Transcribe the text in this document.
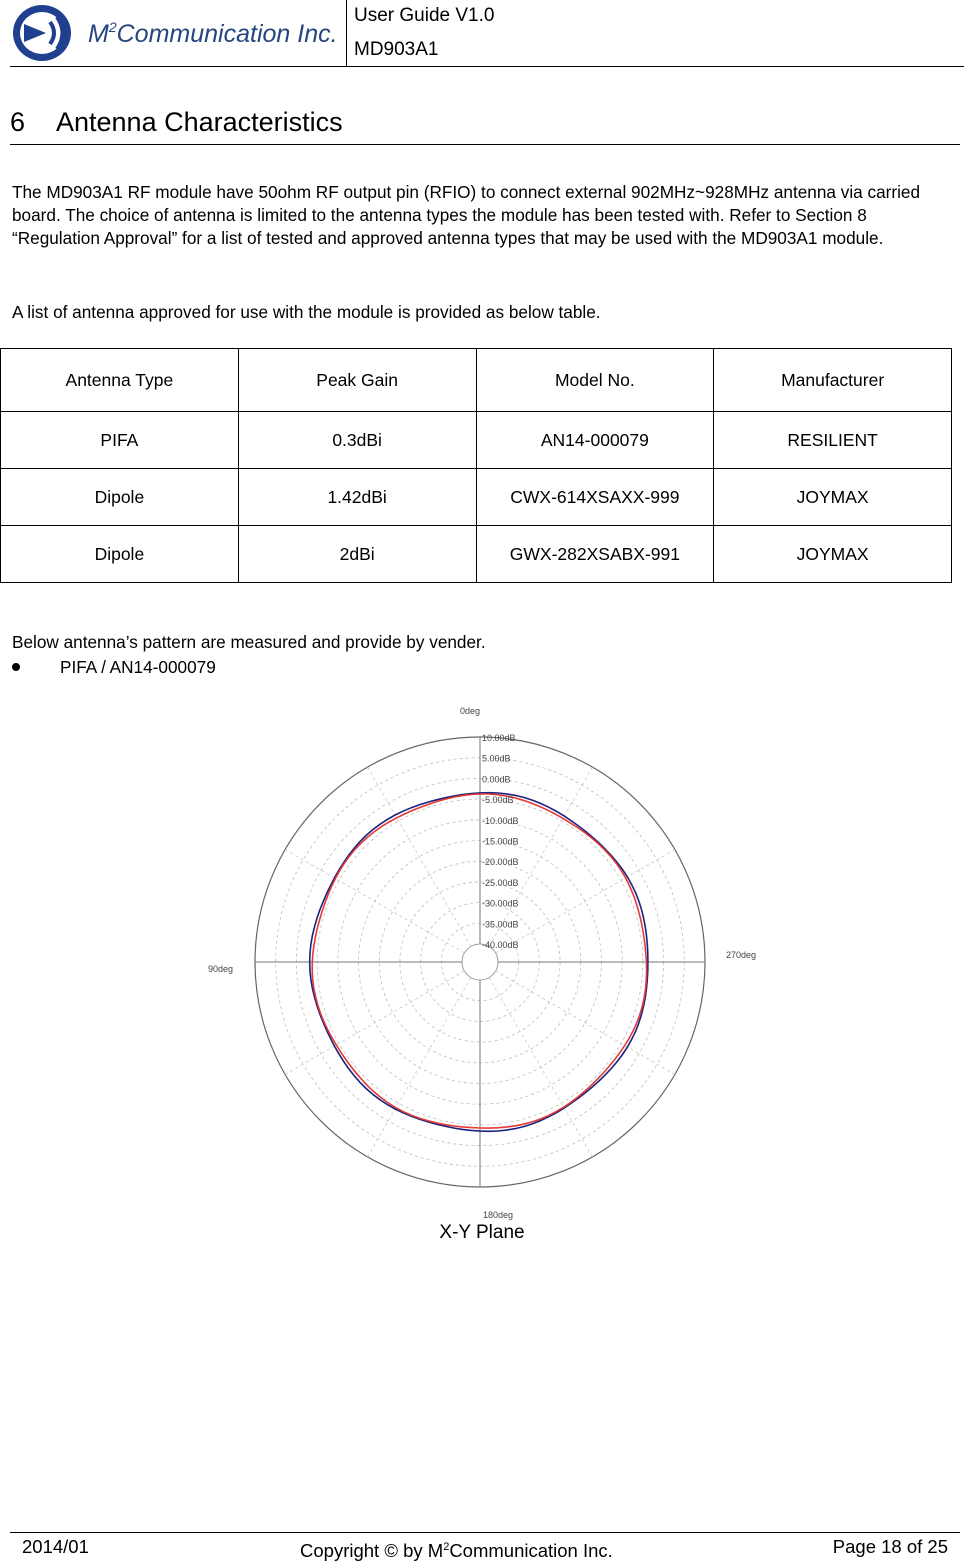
$M^2Communication$ Inc.
User Guide V1.0
MD903A1
6 Antenna Characteristics
The MD903A1 RF module have 50ohm RF output pin (RFIO) to connect external 902MHz~928MHz antenna via carried board. The choice of antenna is limited to the antenna types the module has been tested with. Refer to Section 8 “Regulation Approval” for a list of tested and approved antenna types that may be used with the MD903A1 module.
A list of antenna approved for use with the module is provided as below table.
Antenna Type	Peak Gain	Model No.	Manufacturer
PIFA	0.3dBi	AN14-000079	RESILIENT
Dipole	1.42dBi	CWX-614XSAXX-999	JOYMAX
Dipole	2dBi	GWX-282XSABX-991	JOYMAX
Below antenna’s pattern are measured and provide by vender.
PIFA / AN14-000079
0deg
90deg
270deg
180deg
10.00dB
5.00dB
0.00dB
-5.00dB
-10.00dB
-15.00dB
-20.00dB
-25.00dB
-30.00dB
-35.00dB
-40.00dB
X-Y Plane
2014/01	Copyright © by $M^2Communication$ Inc.	Page 18 of 25
